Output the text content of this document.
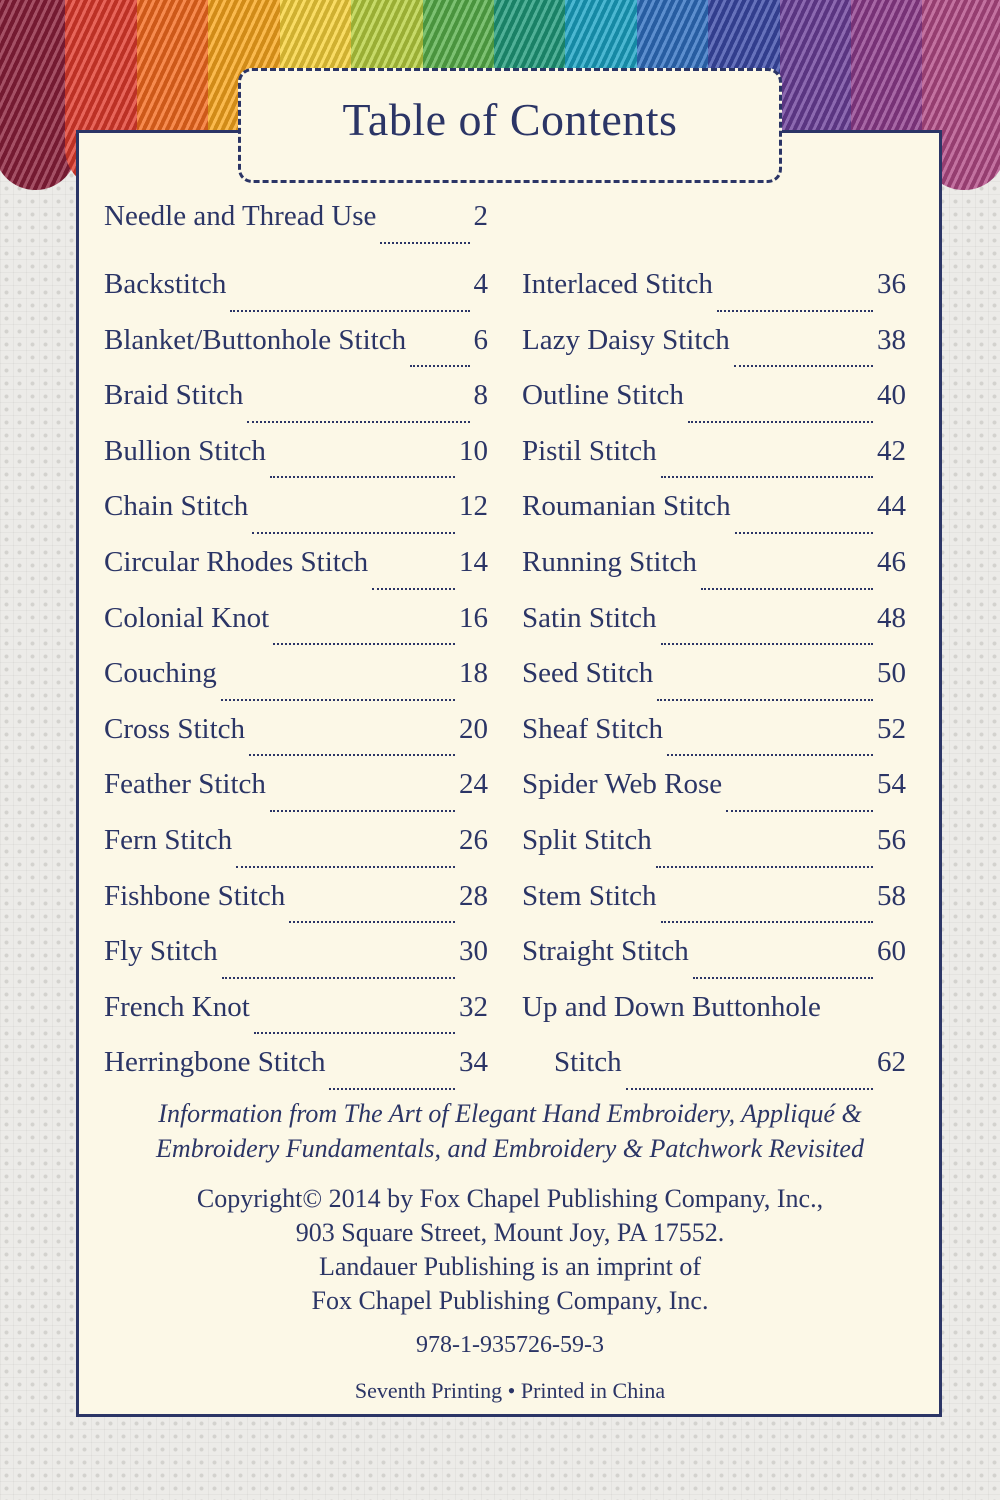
Table of Contents
Needle and Thread Use	2
Backstitch	4
Blanket/Buttonhole Stitch 6
Braid Stitch	8
Bullion Stitch	10
Chain Stitch	12
Circular Rhodes Stitch	14
Colonial Knot	16
Couching	18
Cross Stitch	20
Feather Stitch	24
Fern Stitch	26
Fishbone Stitch	28
Fly Stitch	30
French Knot	32
Herringbone Stitch	34
Interlaced Stitch	36
Lazy Daisy Stitch	38
Outline Stitch	40
Pistil Stitch	42
Roumanian Stitch	44
Running Stitch	46
Satin Stitch	48
Seed Stitch	50
Sheaf Stitch	52
Spider Web Rose	54
Split Stitch	56
Stem Stitch	58
Straight Stitch	60
Up and Down Buttonhole
Stitch	62
Information from The Art of Elegant Hand Embroidery, Appliqué &
Embroidery Fundamentals, and Embroidery & Patchwork Revisited
Copyright© 2014 by Fox Chapel Publishing Company, Inc.,
903 Square Street, Mount Joy, PA 17552.
Landauer Publishing is an imprint of
Fox Chapel Publishing Company, Inc.
978-1-935726-59-3
Seventh Printing • Printed in China
